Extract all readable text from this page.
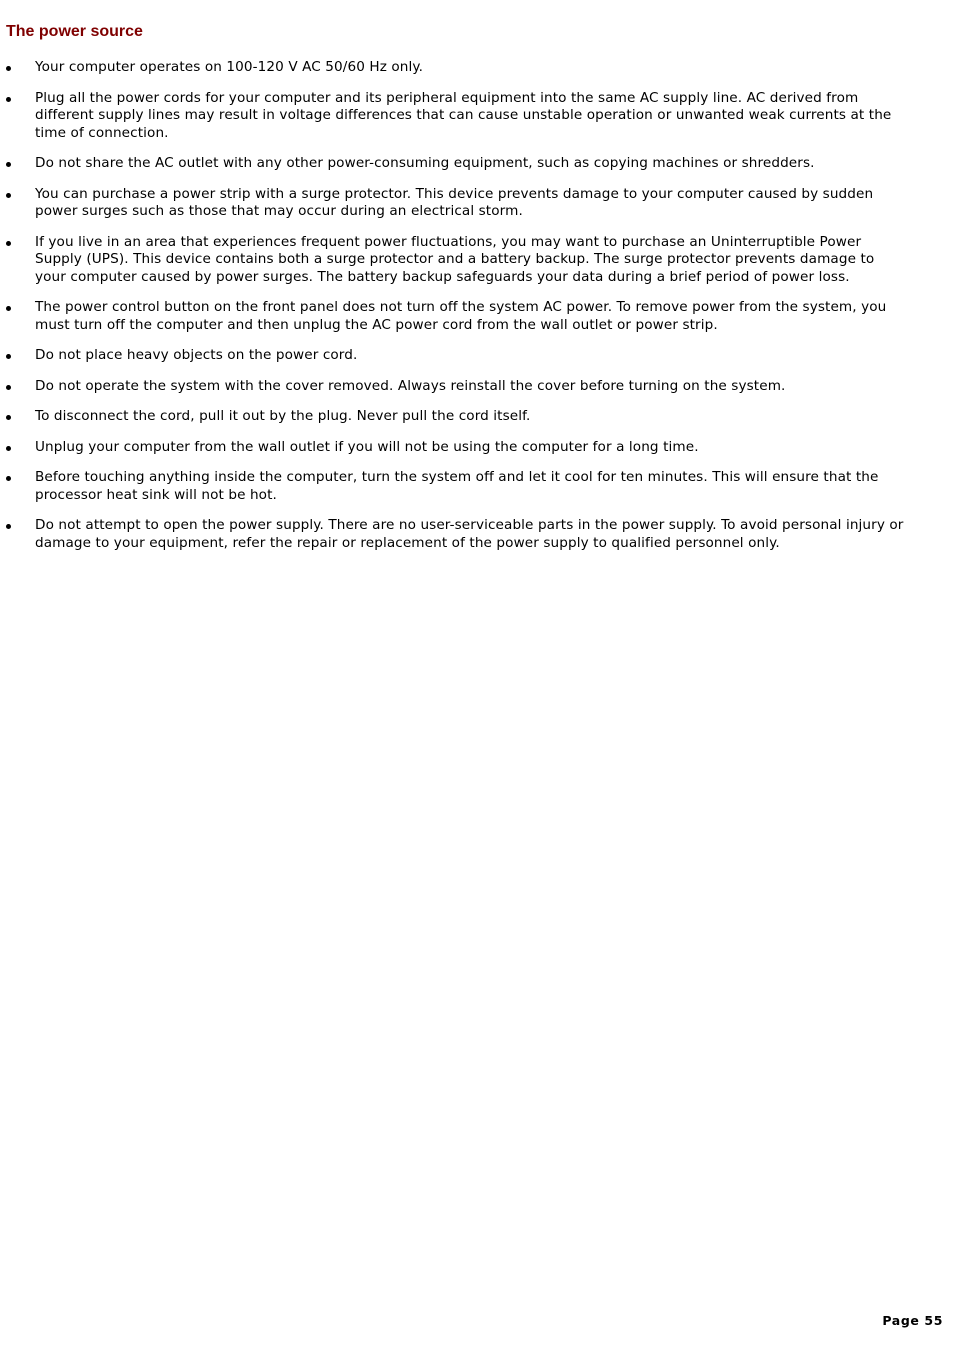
The power source
Your computer operates on 100-120 V AC 50/60 Hz only.
Plug all the power cords for your computer and its peripheral equipment into the same AC supply line. AC derived from different supply lines may result in voltage differences that can cause unstable operation or unwanted weak currents at the time of connection.
Do not share the AC outlet with any other power-consuming equipment, such as copying machines or shredders.
You can purchase a power strip with a surge protector. This device prevents damage to your computer caused by sudden power surges such as those that may occur during an electrical storm.
If you live in an area that experiences frequent power fluctuations, you may want to purchase an Uninterruptible Power Supply (UPS). This device contains both a surge protector and a battery backup. The surge protector prevents damage to your computer caused by power surges. The battery backup safeguards your data during a brief period of power loss.
The power control button on the front panel does not turn off the system AC power. To remove power from the system, you must turn off the computer and then unplug the AC power cord from the wall outlet or power strip.
Do not place heavy objects on the power cord.
Do not operate the system with the cover removed. Always reinstall the cover before turning on the system.
To disconnect the cord, pull it out by the plug. Never pull the cord itself.
Unplug your computer from the wall outlet if you will not be using the computer for a long time.
Before touching anything inside the computer, turn the system off and let it cool for ten minutes. This will ensure that the processor heat sink will not be hot.
Do not attempt to open the power supply. There are no user-serviceable parts in the power supply. To avoid personal injury or damage to your equipment, refer the repair or replacement of the power supply to qualified personnel only.
Page 55
